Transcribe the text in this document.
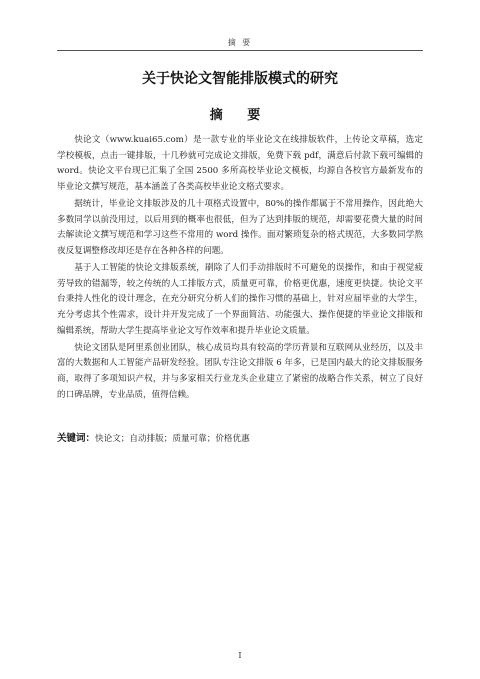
摘 要
关于快论文智能排版模式的研究
摘 要

快论文（www.kuai65.com）是一款专业的毕业论文在线排版软件，上传论文草稿，选定学校模板，点击一键排版，十几秒就可完成论文排版，免费下载 pdf，满意后付款下载可编辑的 word。快论文平台现已汇集了全国 2500 多所高校毕业论文模板，均源自各校官方最新发布的毕业论文撰写规范，基本涵盖了各类高校毕业论文格式要求。

据统计，毕业论文排版涉及的几十项格式设置中，80%的操作都属于不常用操作，因此绝大多数同学以前没用过，以后用到的概率也很低，但为了达到排版的规范，却需要花费大量的时间去解读论文撰写规范和学习这些不常用的 word 操作。面对繁琐复杂的格式规范，大多数同学熬夜反复调整修改却还是存在各种各样的问题。

基于人工智能的快论文排版系统，刷除了人们手动排版时不可避免的误操作，和由于视觉疲劳导致的错漏等，较之传统的人工排版方式，质量更可靠，价格更优惠，速度更快捷。快论文平台秉持人性化的设计理念，在充分研究分析人们的操作习惯的基础上，针对应届毕业的大学生，充分考虑其个性需求，设计并开发完成了一个界面简洁、功能强大、操作便捷的毕业论文排版和编辑系统，帮助大学生提高毕业论文写作效率和提升毕业论文质量。

快论文团队是阿里系创业团队，核心成员均具有较高的学历背景和互联网从业经历，以及丰富的大数据和人工智能产品研发经验。团队专注论文排版 6 年多，已是国内最大的论文排版服务商，取得了多项知识产权，并与多家相关行业龙头企业建立了紧密的战略合作关系，树立了良好的口碑品牌，专业品质，值得信赖。

关键词：快论文；自动排版；质量可靠；价格优惠
I
